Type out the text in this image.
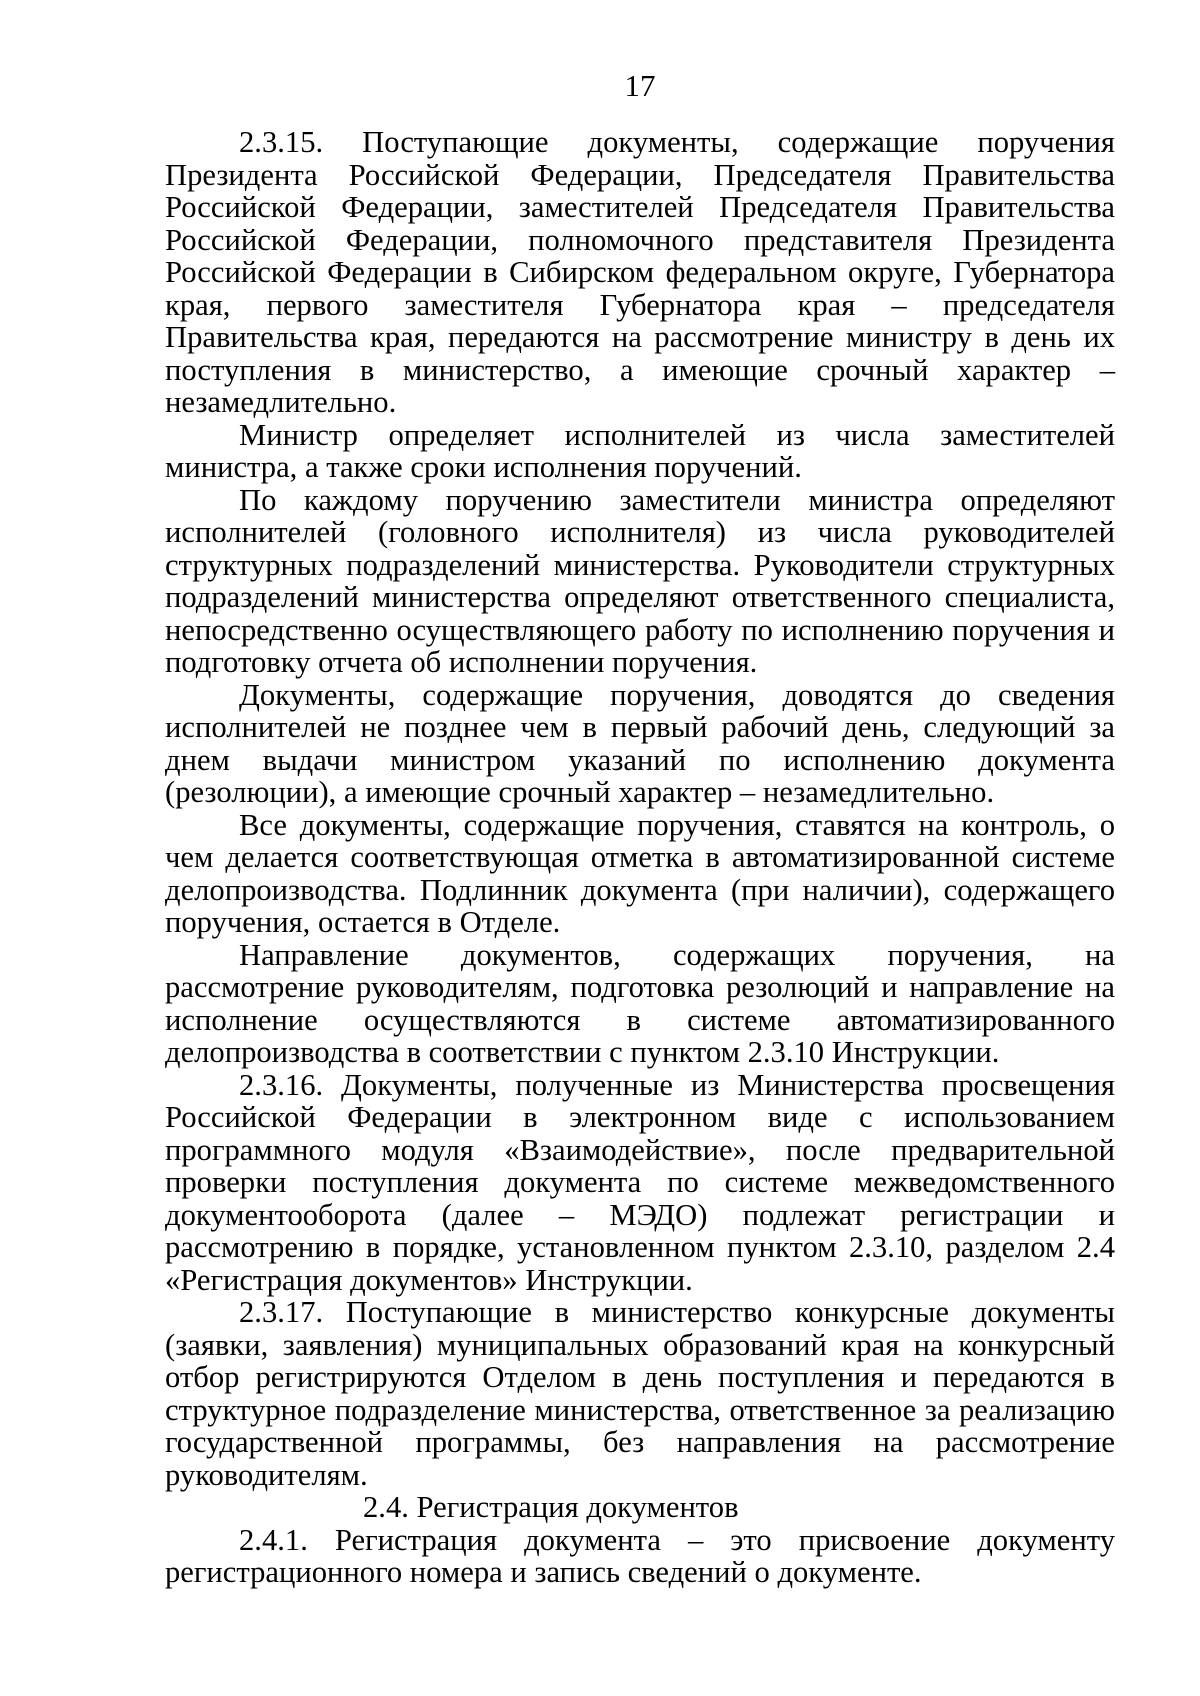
17

2.3.15. Поступающие документы, содержащие поручения Президента Российской Федерации, Председателя Правительства Российской Федерации, заместителей Председателя Правительства Российской Федерации, полномочного представителя Президента Российской Федерации в Сибирском федеральном округе, Губернатора края, первого заместителя Губернатора края – председателя Правительства края, передаются на рассмотрение министру в день их поступления в министерство, а имеющие срочный характер – незамедлительно.

Министр определяет исполнителей из числа заместителей министра, а также сроки исполнения поручений.

По каждому поручению заместители министра определяют исполнителей (головного исполнителя) из числа руководителей структурных подразделений министерства. Руководители структурных подразделений министерства определяют ответственного специалиста, непосредственно осуществляющего работу по исполнению поручения и подготовку отчета об исполнении поручения.

Документы, содержащие поручения, доводятся до сведения исполнителей не позднее чем в первый рабочий день, следующий за днем выдачи министром указаний по исполнению документа (резолюции), а имеющие срочный характер – незамедлительно.

Все документы, содержащие поручения, ставятся на контроль, о чем делается соответствующая отметка в автоматизированной системе делопроизводства. Подлинник документа (при наличии), содержащего поручения, остается в Отделе.

Направление документов, содержащих поручения, на рассмотрение руководителям, подготовка резолюций и направление на исполнение осуществляются в системе автоматизированного делопроизводства в соответствии с пунктом 2.3.10 Инструкции.

2.3.16. Документы, полученные из Министерства просвещения Российской Федерации в электронном виде с использованием программного модуля «Взаимодействие», после предварительной проверки поступления документа по системе межведомственного документооборота (далее – МЭДО) подлежат регистрации и рассмотрению в порядке, установленном пунктом 2.3.10, разделом 2.4 «Регистрация документов» Инструкции.

2.3.17. Поступающие в министерство конкурсные документы (заявки, заявления) муниципальных образований края на конкурсный отбор регистрируются Отделом в день поступления и передаются в структурное подразделение министерства, ответственное за реализацию государственной программы, без направления на рассмотрение руководителям.

2.4. Регистрация документов

2.4.1. Регистрация документа – это присвоение документу регистрационного номера и запись сведений о документе.
